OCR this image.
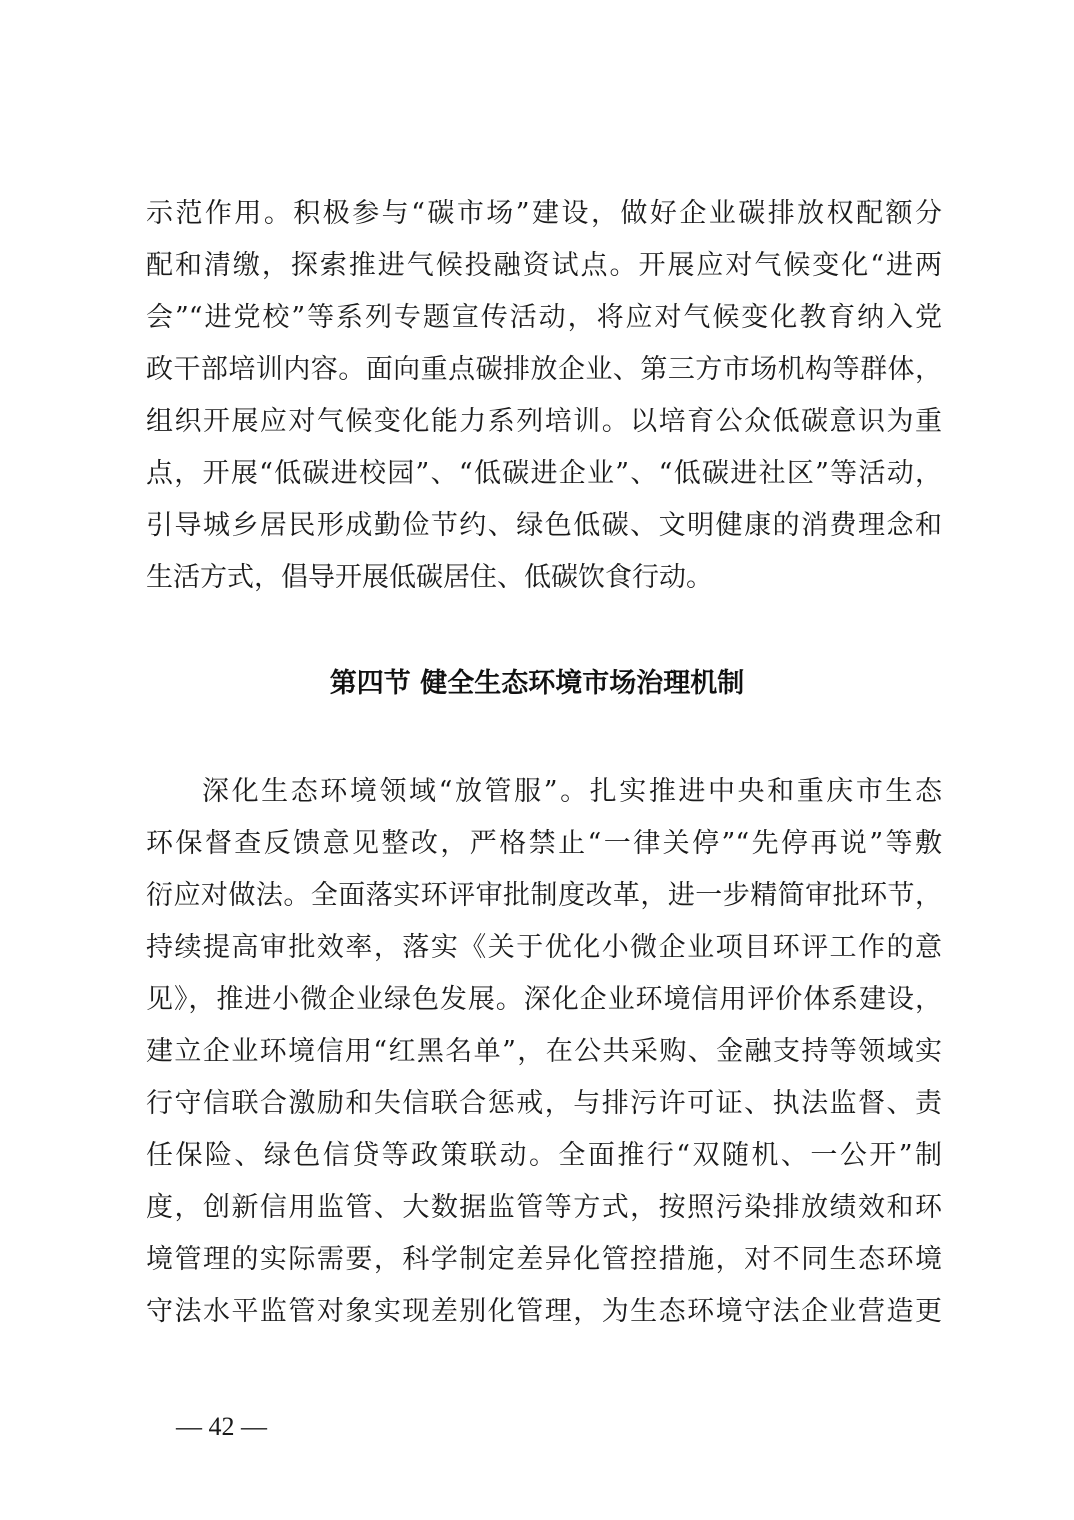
示范作用。积极参与“碳市场”建设，做好企业碳排放权配额分
配和清缴，探索推进气候投融资试点。开展应对气候变化“进两
会”“进党校”等系列专题宣传活动，将应对气候变化教育纳入党
政干部培训内容。面向重点碳排放企业、第三方市场机构等群体，
组织开展应对气候变化能力系列培训。以培育公众低碳意识为重
点，开展“低碳进校园”、“低碳进企业”、“低碳进社区”等活动，
引导城乡居民形成勤俭节约、绿色低碳、文明健康的消费理念和
生活方式，倡导开展低碳居住、低碳饮食行动。
第四节 健全生态环境市场治理机制
深化生态环境领域“放管服”。扎实推进中央和重庆市生态
环保督查反馈意见整改，严格禁止“一律关停”“先停再说”等敷
衍应对做法。全面落实环评审批制度改革，进一步精简审批环节，
持续提高审批效率，落实《关于优化小微企业项目环评工作的意
见》，推进小微企业绿色发展。深化企业环境信用评价体系建设，
建立企业环境信用“红黑名单”，在公共采购、金融支持等领域实
行守信联合激励和失信联合惩戒，与排污许可证、执法监督、责
任保险、绿色信贷等政策联动。全面推行“双随机、一公开”制
度，创新信用监管、大数据监管等方式，按照污染排放绩效和环
境管理的实际需要，科学制定差异化管控措施，对不同生态环境
守法水平监管对象实现差别化管理，为生态环境守法企业营造更
— 42 —
